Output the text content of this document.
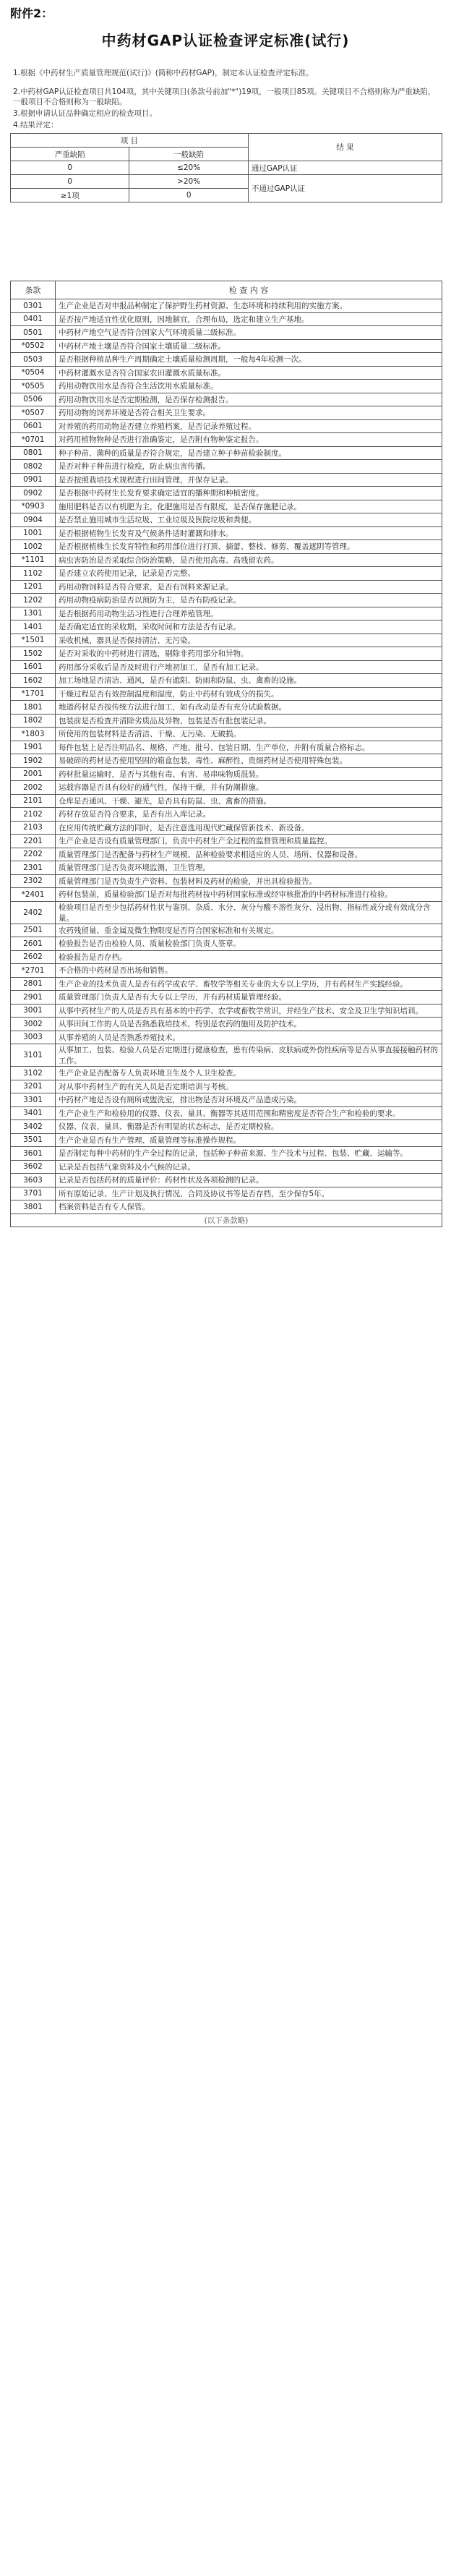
附件2：
中药材GAP认证检查评定标准(试行)
1.根据《中药材生产质量管理规范(试行)》(简称中药材GAP)，制定本认证检查评定标准。
2.中药材GAP认证检查项目共104项，其中关键项目(条款号前加"*")19项，一般项目85项。关键项目不合格则称为严重缺陷，一般项目不合格则称为一般缺陷。
3.根据申请认证品种确定相应的检查项目。
4.结果评定：
项 目		结 果
严重缺陷	一般缺陷	
0	≤20%	通过GAP认证
0	>20%	不通过GAP认证
≥1项	0	
条款	检 查 内 容
0301	生产企业是否对申报品种制定了保护野生药材资源、生态环境和持续利用的实施方案。
0401	是否按产地适宜性优化原则，因地制宜，合理布局，选定和建立生产基地。
0501	中药材产地空气是否符合国家大气环境质量二级标准。
*0502	中药材产地土壤是否符合国家土壤质量二级标准。
0503	是否根据种植品种生产周期确定土壤质量检测周期，一般每4年检测一次。
*0504	中药材灌溉水是否符合国家农田灌溉水质量标准。
*0505	药用动物饮用水是否符合生活饮用水质量标准。
0506	药用动物饮用水是否定期检测，是否保存检测报告。
*0507	药用动物的饲养环境是否符合相关卫生要求。
0601	对养殖的药用动物是否建立养殖档案，是否记录养殖过程。
*0701	对药用植物物种是否进行准确鉴定，是否附有物种鉴定报告。
0801	种子种苗、菌种的质量是否符合规定，是否建立种子种苗检验制度。
0802	是否对种子种苗进行检疫，防止病虫害传播。
0901	是否按照栽培技术规程进行田间管理，并保存记录。
0902	是否根据中药材生长发育要求确定适宜的播种期和种植密度。
*0903	施用肥料是否以有机肥为主，化肥施用是否有限度，是否保存施肥记录。
0904	是否禁止施用城市生活垃圾、工业垃圾及医院垃圾和粪便。
1001	是否根据植物生长发育及气候条件适时灌溉和排水。
1002	是否根据植株生长发育特性和药用部位进行打顶、摘蕾、整枝、修剪、覆盖遮阴等管理。
*1101	病虫害防治是否采取综合防治策略，是否使用高毒、高残留农药。
1102	是否建立农药使用记录，记录是否完整。
1201	药用动物饲料是否符合要求，是否有饲料来源记录。
1202	药用动物疫病防治是否以预防为主，是否有防疫记录。
1301	是否根据药用动物生活习性进行合理养殖管理。
1401	是否确定适宜的采收期，采收时间和方法是否有记录。
*1501	采收机械、器具是否保持清洁、无污染。
1502	是否对采收的中药材进行清选，剔除非药用部分和异物。
1601	药用部分采收后是否及时进行产地初加工，是否有加工记录。
1602	加工场地是否清洁、通风，是否有遮阳、防雨和防鼠、虫、禽畜的设施。
*1701	干燥过程是否有效控制温度和湿度，防止中药材有效成分的损失。
1801	地道药材是否按传统方法进行加工，如有改动是否有充分试验数据。
1802	包装前是否检查并清除劣质品及异物，包装是否有批包装记录。
*1803	所使用的包装材料是否清洁、干燥、无污染、无破损。
1901	每件包装上是否注明品名、规格、产地、批号、包装日期、生产单位，并附有质量合格标志。
1902	易破碎的药材是否使用坚固的箱盒包装，毒性、麻醉性、贵细药材是否使用特殊包装。
2001	药材批量运输时，是否与其他有毒、有害、易串味物质混装。
2002	运载容器是否具有较好的通气性，保持干燥，并有防潮措施。
2101	仓库是否通风、干燥、避光，是否具有防鼠、虫、禽畜的措施。
2102	药材存放是否符合要求，是否有出入库记录。
2103	在应用传统贮藏方法的同时，是否注意选用现代贮藏保管新技术、新设备。
2201	生产企业是否设有质量管理部门，负责中药材生产全过程的监督管理和质量监控。
2202	质量管理部门是否配备与药材生产规模、品种检验要求相适应的人员、场所、仪器和设备。
2301	质量管理部门是否负责环境监测、卫生管理。
2302	质量管理部门是否负责生产资料、包装材料及药材的检验，并出具检验报告。
*2401	药材包装前，质量检验部门是否对每批药材按中药材国家标准或经审核批准的中药材标准进行检验。
2402	检验项目是否至少包括药材性状与鉴别、杂质、水分、灰分与酸不溶性灰分、浸出物、指标性成分或有效成分含量。
2501	农药残留量、重金属及微生物限度是否符合国家标准和有关规定。
2601	检验报告是否由检验人员、质量检验部门负责人签章。
2602	检验报告是否存档。
*2701	不合格的中药材是否出场和销售。
2801	生产企业的技术负责人是否有药学或农学、畜牧学等相关专业的大专以上学历，并有药材生产实践经验。
2901	质量管理部门负责人是否有大专以上学历，并有药材质量管理经验。
3001	从事中药材生产的人员是否具有基本的中药学、农学或畜牧学常识，并经生产技术、安全及卫生学知识培训。
3002	从事田间工作的人员是否熟悉栽培技术，特别是农药的施用及防护技术。
3003	从事养殖的人员是否熟悉养殖技术。
3101	从事加工、包装、检验人员是否定期进行健康检查，患有传染病、皮肤病或外伤性疾病等是否从事直接接触药材的工作。
3102	生产企业是否配备专人负责环境卫生及个人卫生检查。
3201	对从事中药材生产的有关人员是否定期培训与考核。
3301	中药材产地是否设有厕所或盥洗室，排出物是否对环境及产品造成污染。
3401	生产企业生产和检验用的仪器、仪表、量具、衡器等其适用范围和精密度是否符合生产和检验的要求。
3402	仪器、仪表、量具、衡器是否有明显的状态标志，是否定期校验。
3501	生产企业是否有生产管理、质量管理等标准操作规程。
3601	是否制定每种中药材的生产全过程的记录，包括种子种苗来源、生产技术与过程、包装、贮藏、运输等。
3602	记录是否包括气象资料及小气候的记录。
3603	记录是否包括药材的质量评价：药材性状及各项检测的记录。
3701	所有原始记录、生产计划及执行情况、合同及协议书等是否存档，至少保存5年。
3801	档案资料是否有专人保管。
(以下条款略)	
